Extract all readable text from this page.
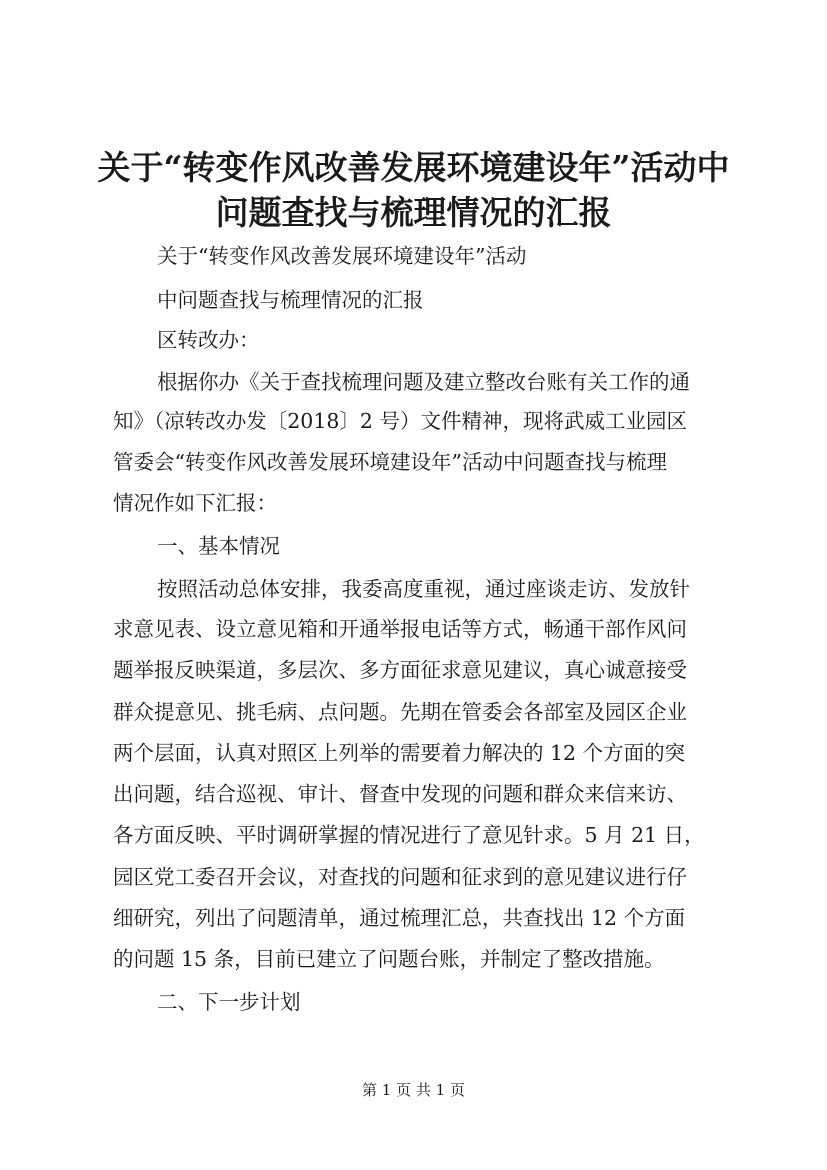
关于“转变作风改善发展环境建设年”活动中
问题查找与梳理情况的汇报
关于“转变作风改善发展环境建设年”活动
中问题查找与梳理情况的汇报
区转改办：
根据你办《关于查找梳理问题及建立整改台账有关工作的通
知》（凉转改办发〔2018〕2 号）文件精神，现将武威工业园区
管委会“转变作风改善发展环境建设年”活动中问题查找与梳理
情况作如下汇报：
一、基本情况
按照活动总体安排，我委高度重视，通过座谈走访、发放针
求意见表、设立意见箱和开通举报电话等方式，畅通干部作风问
题举报反映渠道，多层次、多方面征求意见建议，真心诚意接受
群众提意见、挑毛病、点问题。先期在管委会各部室及园区企业
两个层面，认真对照区上列举的需要着力解决的 12 个方面的突
出问题，结合巡视、审计、督查中发现的问题和群众来信来访、
各方面反映、平时调研掌握的情况进行了意见针求。5 月 21 日，
园区党工委召开会议，对查找的问题和征求到的意见建议进行仔
细研究，列出了问题清单，通过梳理汇总，共查找出 12 个方面
的问题 15 条，目前已建立了问题台账，并制定了整改措施。
二、下一步计划
第 1 页 共 1 页
